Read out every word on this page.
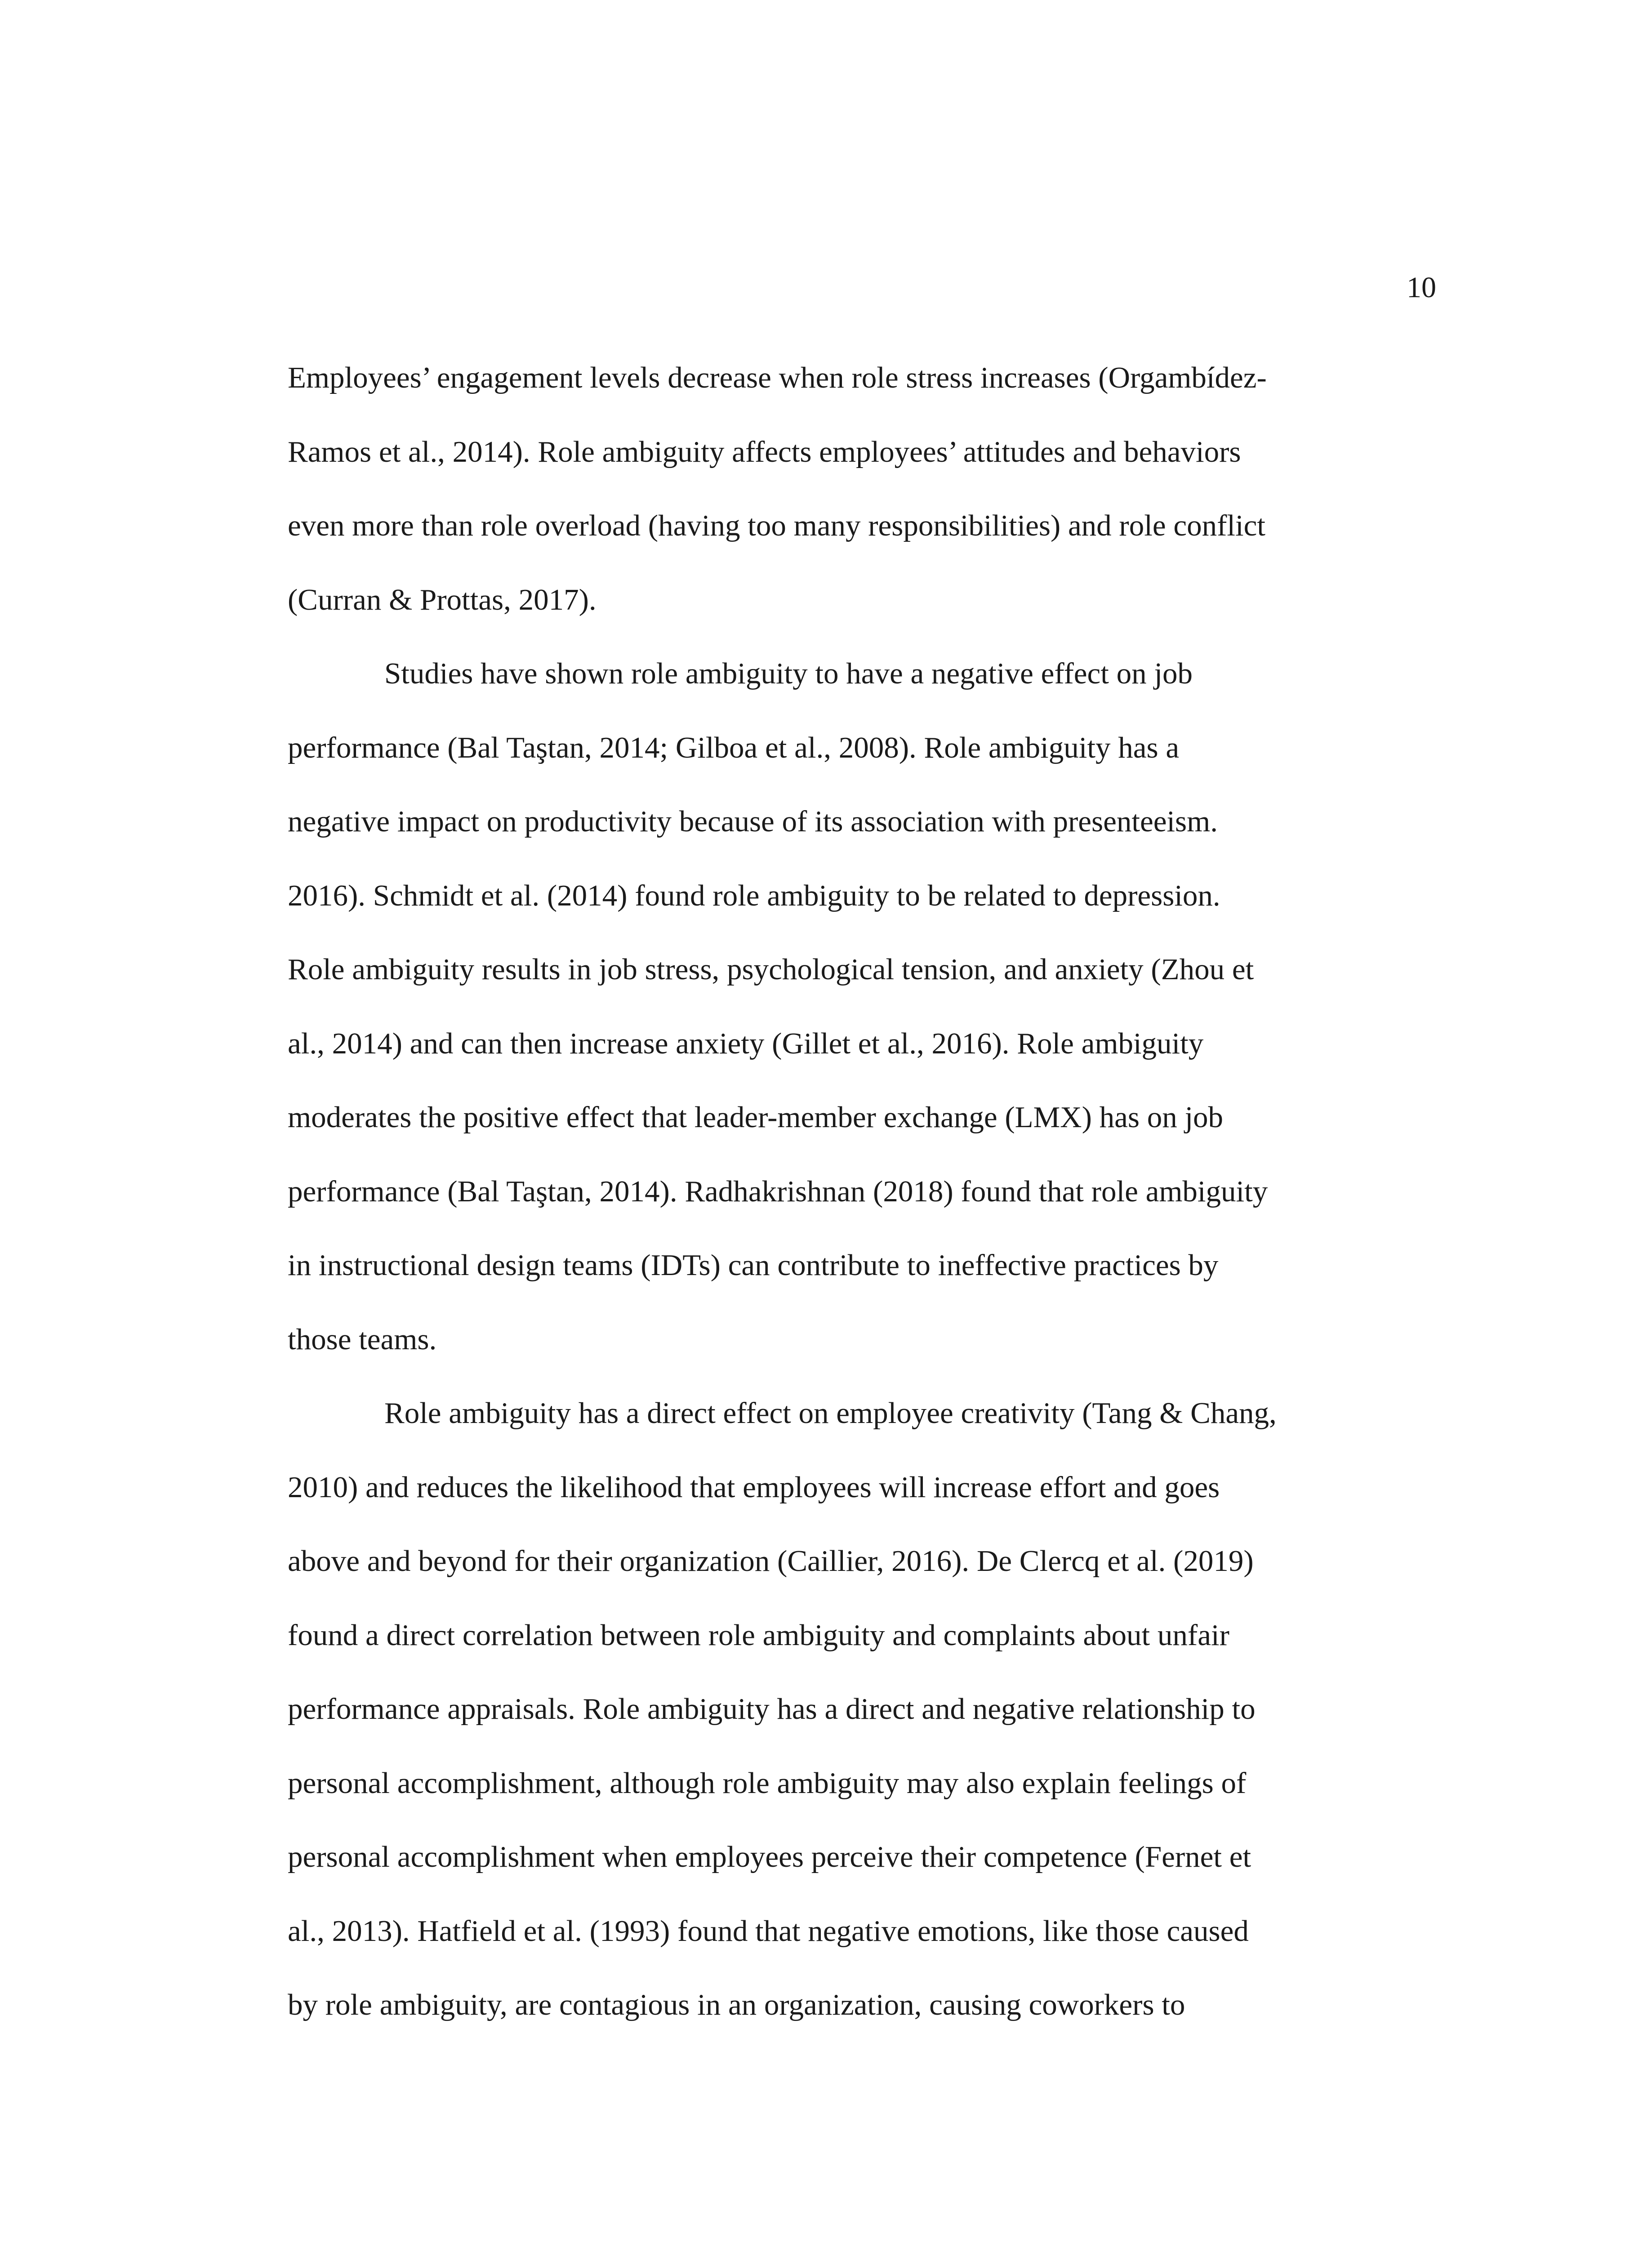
10
Employees’ engagement levels decrease when role stress increases (Orgambídez-
Ramos et al., 2014). Role ambiguity affects employees’ attitudes and behaviors
even more than role overload (having too many responsibilities) and role conflict
(Curran & Prottas, 2017).
Studies have shown role ambiguity to have a negative effect on job
performance (Bal Taştan, 2014; Gilboa et al., 2008). Role ambiguity has a
negative impact on productivity because of its association with presenteeism.
2016). Schmidt et al. (2014) found role ambiguity to be related to depression.
Role ambiguity results in job stress, psychological tension, and anxiety (Zhou et
al., 2014) and can then increase anxiety (Gillet et al., 2016). Role ambiguity
moderates the positive effect that leader-member exchange (LMX) has on job
performance (Bal Taştan, 2014). Radhakrishnan (2018) found that role ambiguity
in instructional design teams (IDTs) can contribute to ineffective practices by
those teams.
Role ambiguity has a direct effect on employee creativity (Tang & Chang,
2010) and reduces the likelihood that employees will increase effort and goes
above and beyond for their organization (Caillier, 2016). De Clercq et al. (2019)
found a direct correlation between role ambiguity and complaints about unfair
performance appraisals. Role ambiguity has a direct and negative relationship to
personal accomplishment, although role ambiguity may also explain feelings of
personal accomplishment when employees perceive their competence (Fernet et
al., 2013). Hatfield et al. (1993) found that negative emotions, like those caused
by role ambiguity, are contagious in an organization, causing coworkers to
